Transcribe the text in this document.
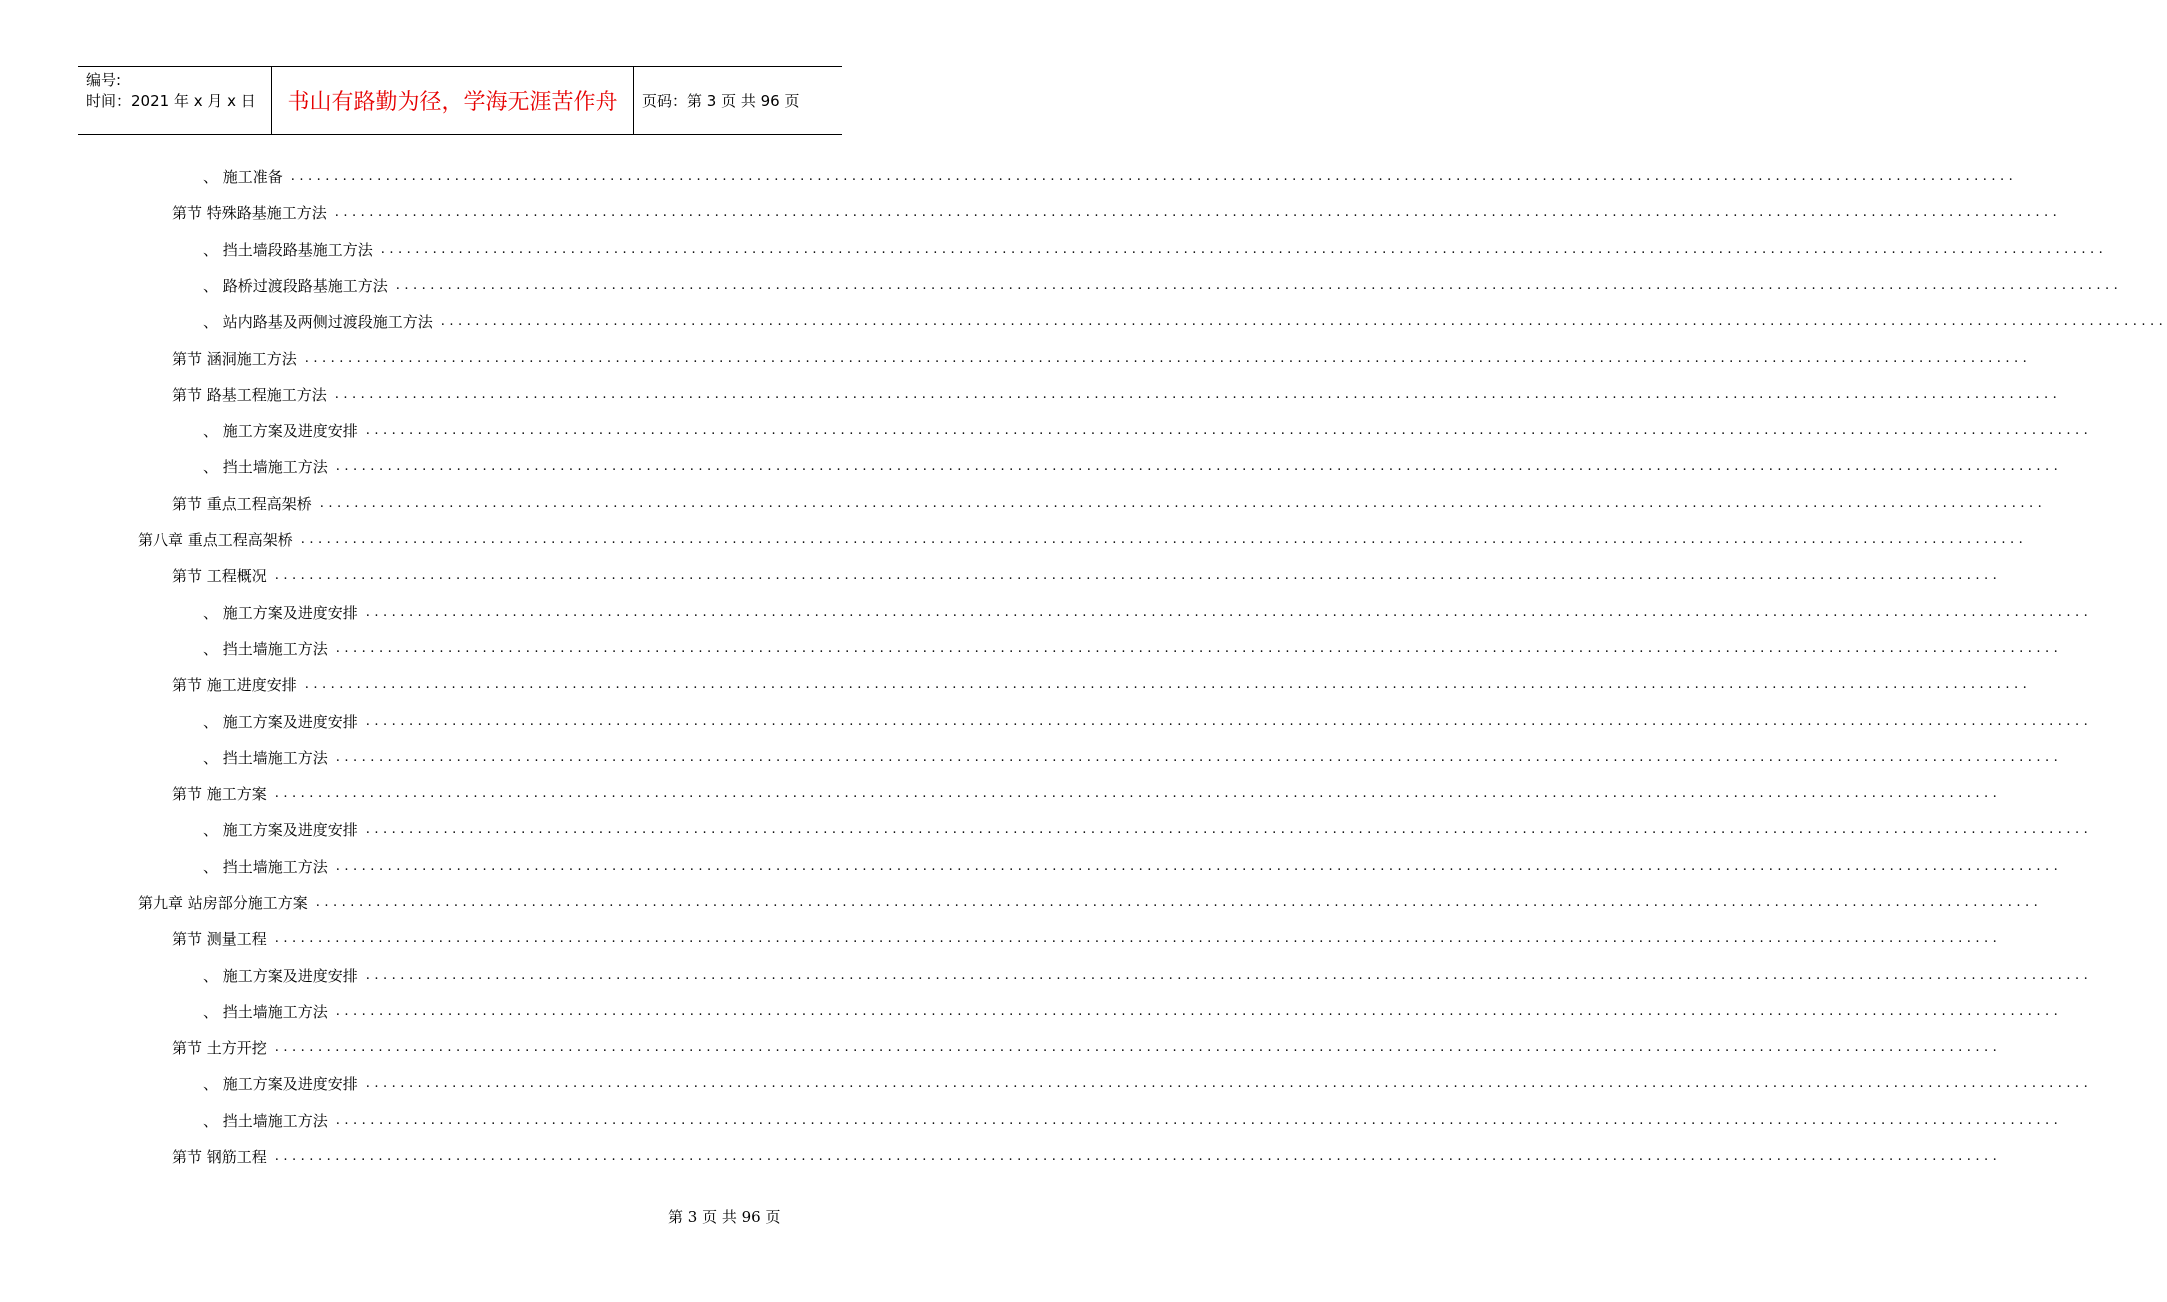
编号:
时间：2021 年 x 月 x 日	书山有路勤为径，学海无涯苦作舟	页码：第 3 页 共 96 页
、 施工准备 ........................................................................................................................................................................................................
第节 特殊路基施工方法 ........................................................................................................................................................................................................
、 挡土墙段路基施工方法 ........................................................................................................................................................................................................
、 路桥过渡段路基施工方法 ........................................................................................................................................................................................................
、 站内路基及两侧过渡段施工方法 ........................................................................................................................................................................................................
第节 涵洞施工方法 ........................................................................................................................................................................................................
第节 路基工程施工方法 ........................................................................................................................................................................................................
、 施工方案及进度安排 ........................................................................................................................................................................................................
、 挡土墙施工方法 ........................................................................................................................................................................................................
第节 重点工程高架桥 ........................................................................................................................................................................................................
第八章 重点工程高架桥 ........................................................................................................................................................................................................
第节 工程概况 ........................................................................................................................................................................................................
、 施工方案及进度安排 ........................................................................................................................................................................................................
、 挡土墙施工方法 ........................................................................................................................................................................................................
第节 施工进度安排 ........................................................................................................................................................................................................
、 施工方案及进度安排 ........................................................................................................................................................................................................
、 挡土墙施工方法 ........................................................................................................................................................................................................
第节 施工方案 ........................................................................................................................................................................................................
、 施工方案及进度安排 ........................................................................................................................................................................................................
、 挡土墙施工方法 ........................................................................................................................................................................................................
第九章 站房部分施工方案 ........................................................................................................................................................................................................
第节 测量工程 ........................................................................................................................................................................................................
、 施工方案及进度安排 ........................................................................................................................................................................................................
、 挡土墙施工方法 ........................................................................................................................................................................................................
第节 土方开挖 ........................................................................................................................................................................................................
、 施工方案及进度安排 ........................................................................................................................................................................................................
、 挡土墙施工方法 ........................................................................................................................................................................................................
第节 钢筋工程 ........................................................................................................................................................................................................
第 3 页 共 96 页
